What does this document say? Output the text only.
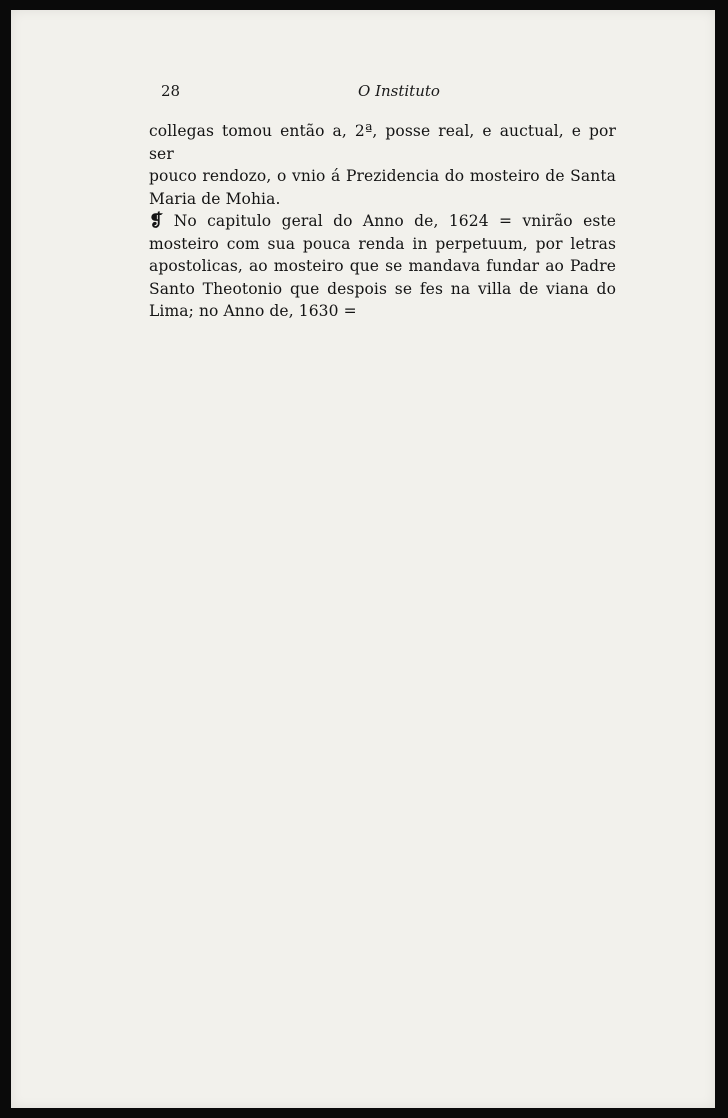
28	O Instituto

collegas tomou então a, 2ª, posse real, e auctual, e por ser
pouco rendozo, o vnio á Prezidencia do mosteiro de Santa
Maria de Mohia.

❡ No capitulo geral do Anno de, 1624 = vnirão este
mosteiro com sua pouca renda in perpetuum, por letras
apostolicas, ao mosteiro que se mandava fundar ao Padre
Santo Theotonio que despois se fes na villa de viana do
Lima; no Anno de, 1630 =
